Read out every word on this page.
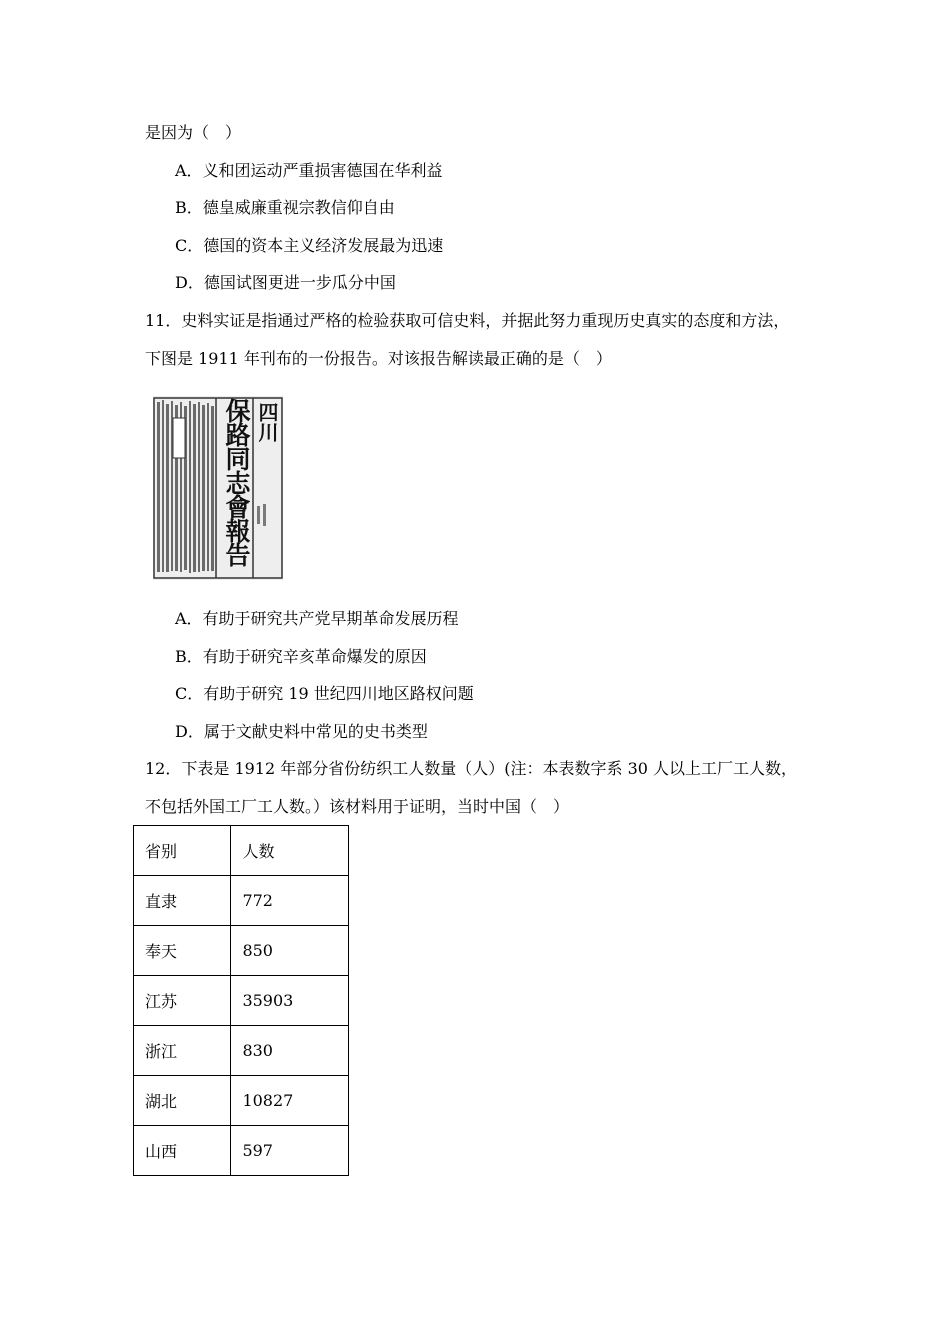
是因为（　）
A．义和团运动严重损害德国在华利益
B．德皇威廉重视宗教信仰自由
C．德国的资本主义经济发展最为迅速
D．德国试图更进一步瓜分中国
11．史料实证是指通过严格的检验获取可信史料，并据此努力重现历史真实的态度和方法，
下图是 1911 年刊布的一份报告。对该报告解读最正确的是（　）
四川
保路同志會報告
A．有助于研究共产党早期革命发展历程
B．有助于研究辛亥革命爆发的原因
C．有助于研究 19 世纪四川地区路权问题
D．属于文献史料中常见的史书类型
12．下表是 1912 年部分省份纺织工人数量（人）(注：本表数字系 30 人以上工厂工人数，
不包括外国工厂工人数。）该材料用于证明，当时中国（　）
省别	人数
直隶	772
奉天	850
江苏	35903
浙江	830
湖北	10827
山西	597
